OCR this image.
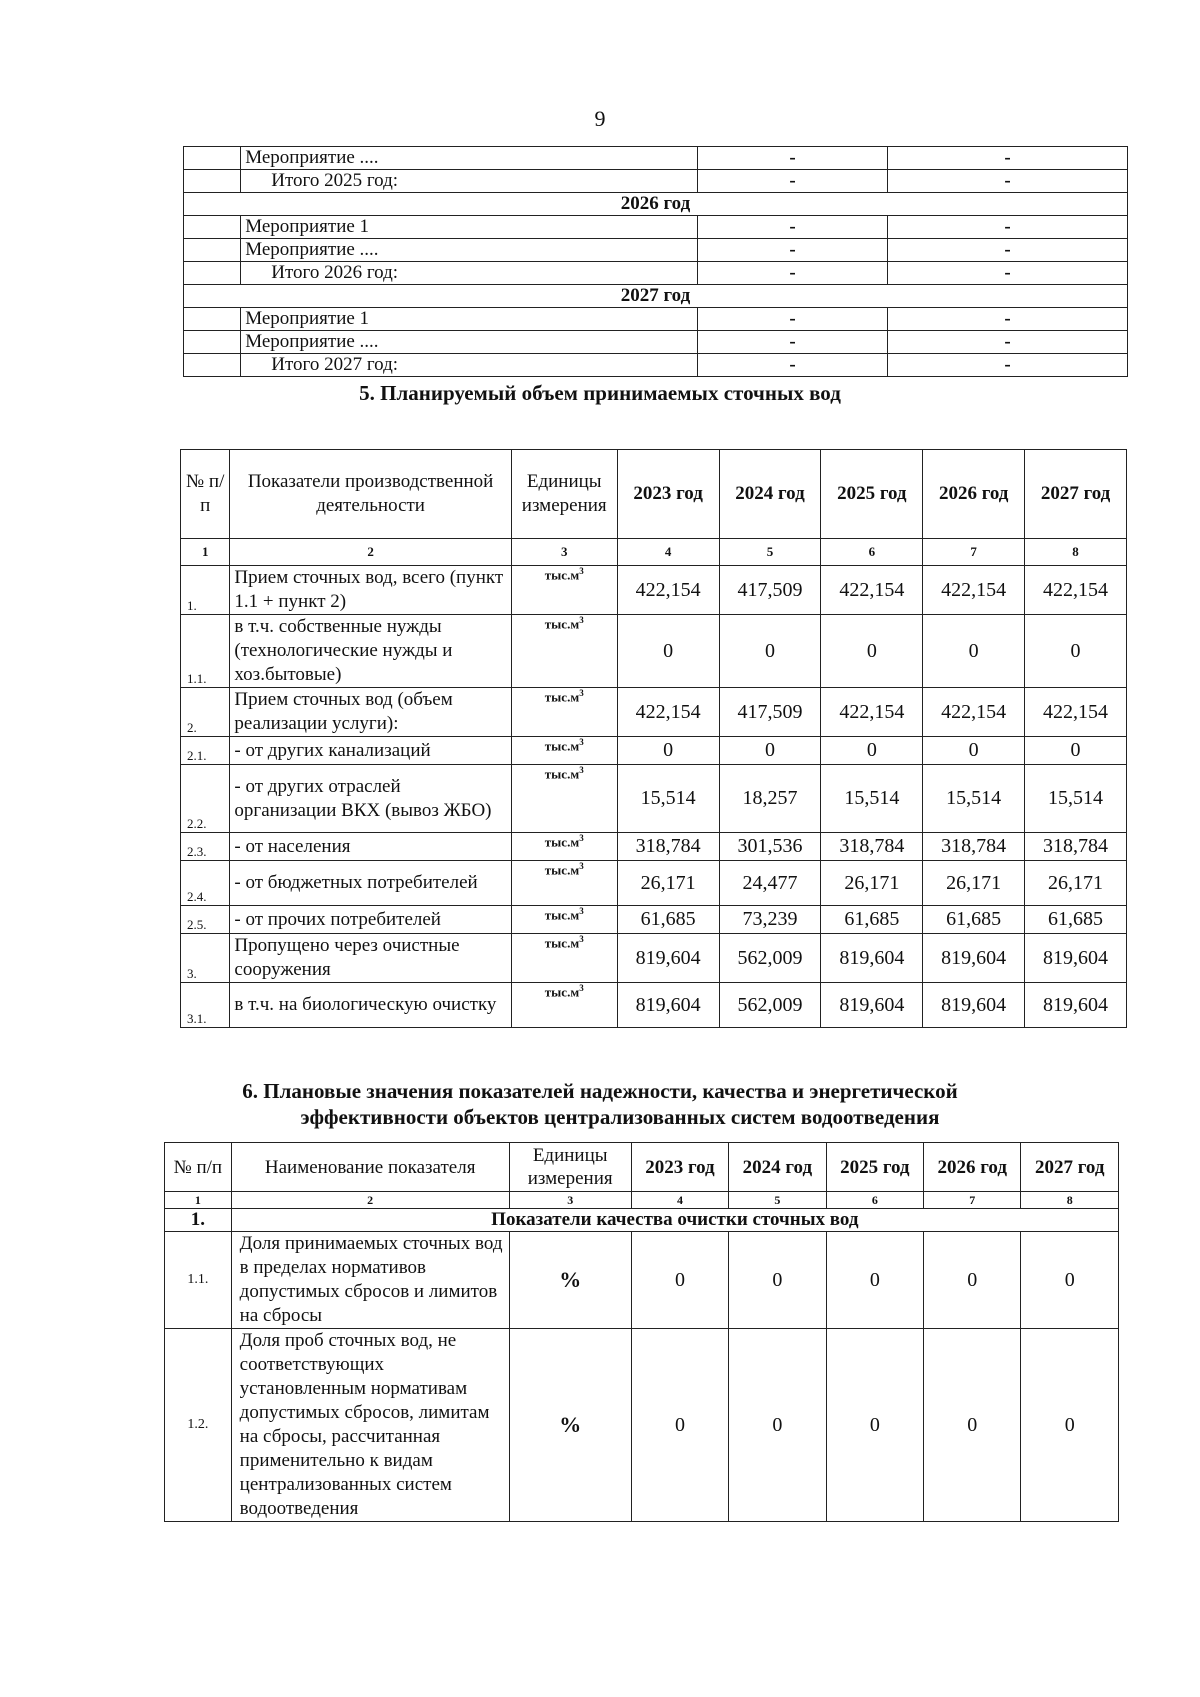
9
	Мероприятие ....	-	-
	Итого 2025 год:	-	-
2026 год			
	Мероприятие 1	-	-
	Мероприятие ....	-	-
	Итого 2026 год:	-	-
2027 год			
	Мероприятие 1	-	-
	Мероприятие ....	-	-
	Итого 2027 год:	-	-
5. Планируемый объем принимаемых сточных вод
№ п/п	Показатели производственной деятельности	Единицы измерения	2023 год	2024 год	2025 год	2026 год	2027 год
1	2	3	4	5	6	7	8
1.	Прием сточных вод, всего (пункт 1.1 + пункт 2)	$тыс.м^3$	422,154	417,509	422,154	422,154	422,154
1.1.	в т.ч. собственные нужды (технологические нужды и хоз.бытовые)	$тыс.м^3$	0	0	0	0	0
2.	Прием сточных вод (объем реализации услуги):	$тыс.м^3$	422,154	417,509	422,154	422,154	422,154
2.1.	- от других канализаций	$тыс.м^3$	0	0	0	0	0
2.2.	- от других отраслей организации ВКХ (вывоз ЖБО)	$тыс.м^3$	15,514	18,257	15,514	15,514	15,514
2.3.	- от населения	$тыс.м^3$	318,784	301,536	318,784	318,784	318,784
2.4.	- от бюджетных потребителей	$тыс.м^3$	26,171	24,477	26,171	26,171	26,171
2.5.	- от прочих потребителей	$тыс.м^3$	61,685	73,239	61,685	61,685	61,685
3.	Пропущено через очистные сооружения	$тыс.м^3$	819,604	562,009	819,604	819,604	819,604
3.1.	в т.ч. на биологическую очистку	$тыс.м^3$	819,604	562,009	819,604	819,604	819,604
6. Плановые значения показателей надежности, качества и энергетической
эффективности объектов централизованных систем водоотведения
№ п/п	Наименование показателя	Единицы измерения	2023 год	2024 год	2025 год	2026 год	2027 год
1	2	3	4	5	6	7	8
1.	Показатели качества очистки сточных вод						
1.1.	Доля принимаемых сточных вод в пределах нормативов допустимых сбросов и лимитов на сбросы	%	0	0	0	0	0
1.2.	Доля проб сточных вод, не соответствующих установленным нормативам допустимых сбросов, лимитам на сбросы, рассчитанная применительно к видам централизованных систем водоотведения	%	0	0	0	0	0
